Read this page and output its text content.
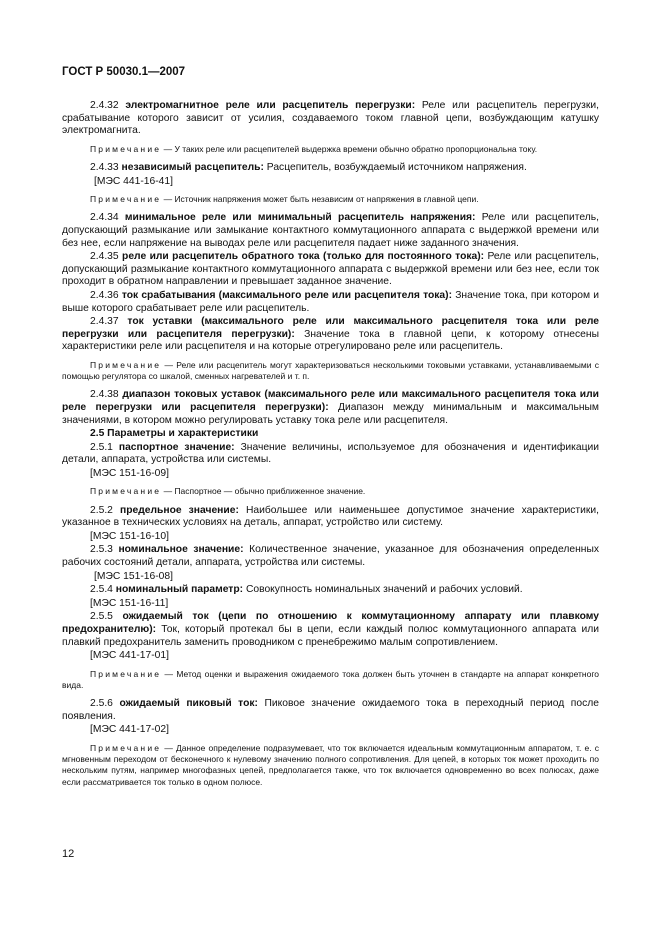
ГОСТ Р 50030.1—2007

2.4.32 электромагнитное реле или расцепитель перегрузки: Реле или расцепитель перегрузки, срабатывание которого зависит от усилия, создаваемого током главной цепи, возбуждающим катушку электромагнита.

Примечание — У таких реле или расцепителей выдержка времени обычно обратно пропорциональна току.

2.4.33 независимый расцепитель: Расцепитель, возбуждаемый источником напряжения.

[МЭС 441-16-41]

Примечание — Источник напряжения может быть независим от напряжения в главной цепи.

2.4.34 минимальное реле или минимальный расцепитель напряжения: Реле или расцепитель, допускающий размыкание или замыкание контактного коммутационного аппарата с выдержкой времени или без нее, если напряжение на выводах реле или расцепителя падает ниже заданного значения.

2.4.35 реле или расцепитель обратного тока (только для постоянного тока): Реле или расцепитель, допускающий размыкание контактного коммутационного аппарата с выдержкой времени или без нее, если ток проходит в обратном направлении и превышает заданное значение.

2.4.36 ток срабатывания (максимального реле или расцепителя тока): Значение тока, при котором и выше которого срабатывает реле или расцепитель.

2.4.37 ток уставки (максимального реле или максимального расцепителя тока или реле перегрузки или расцепителя перегрузки): Значение тока в главной цепи, к которому отнесены характеристики реле или расцепителя и на которые отрегулировано реле или расцепитель.

Примечание — Реле или расцепитель могут характеризоваться несколькими токовыми уставками, устанавливаемыми с помощью регулятора со шкалой, сменных нагревателей и т. п.

2.4.38 диапазон токовых уставок (максимального реле или максимального расцепителя тока или реле перегрузки или расцепителя перегрузки): Диапазон между минимальным и максимальным значениями, в котором можно регулировать уставку тока реле или расцепителя.

2.5 Параметры и характеристики

2.5.1 паспортное значение: Значение величины, используемое для обозначения и идентификации детали, аппарата, устройства или системы.

[МЭС 151-16-09]

Примечание — Паспортное — обычно приближенное значение.

2.5.2 предельное значение: Наибольшее или наименьшее допустимое значение характеристики, указанное в технических условиях на деталь, аппарат, устройство или систему.

[МЭС 151-16-10]

2.5.3 номинальное значение: Количественное значение, указанное для обозначения определенных рабочих состояний детали, аппарата, устройства или системы.

[МЭС 151-16-08]

2.5.4 номинальный параметр: Совокупность номинальных значений и рабочих условий.

[МЭС 151-16-11]

2.5.5 ожидаемый ток (цепи по отношению к коммутационному аппарату или плавкому предохранителю): Ток, который протекал бы в цепи, если каждый полюс коммутационного аппарата или плавкий предохранитель заменить проводником с пренебрежимо малым сопротивлением.

[МЭС 441-17-01]

Примечание — Метод оценки и выражения ожидаемого тока должен быть уточнен в стандарте на аппарат конкретного вида.

2.5.6 ожидаемый пиковый ток: Пиковое значение ожидаемого тока в переходный период после появления.

[МЭС 441-17-02]

Примечание — Данное определение подразумевает, что ток включается идеальным коммутационным аппаратом, т. е. с мгновенным переходом от бесконечного к нулевому значению полного сопротивления. Для цепей, в которых ток может проходить по нескольким путям, например многофазных цепей, предполагается также, что ток включается одновременно во всех полюсах, даже если рассматривается ток только в одном полюсе.

12
